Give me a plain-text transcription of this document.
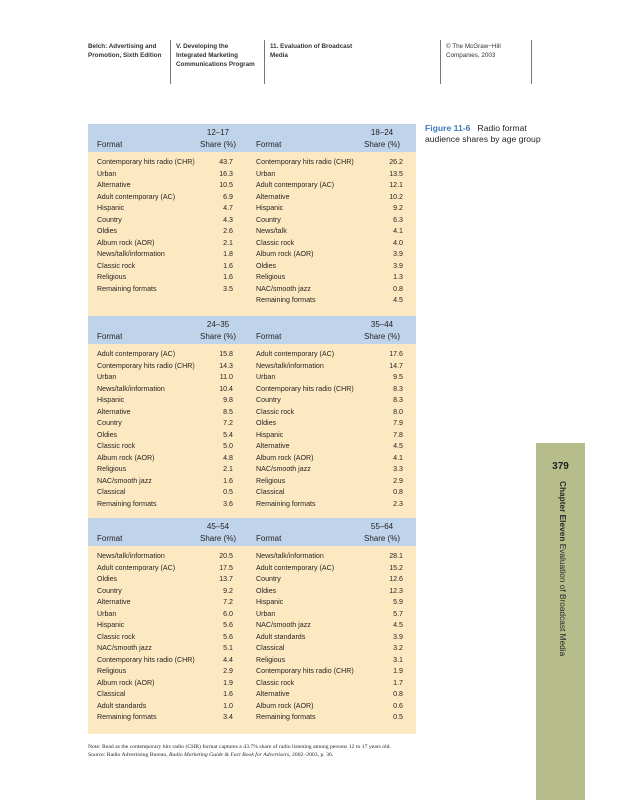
Belch: Advertising and
Promotion, Sixth Edition
V. Developing the
Integrated Marketing
Communications Program
11. Evaluation of Broadcast
Media
© The McGraw−Hill
Companies, 2003
Figure 11-6 Radio format audience shares by age group
Format
12–17
Share (%)
Contemporary hits radio (CHR)	43.7
Urban	16.3
Alternative	10.5
Adult contemporary (AC)	6.9
Hispanic	4.7
Country	4.3
Oldies	2.6
Album rock (AOR)	2.1
News/talk/information	1.8
Classic rock	1.6
Religious	1.6
Remaining formats	3.5
Format
18–24
Share (%)
Contemporary hits radio (CHR)	26.2
Urban	13.5
Adult contemporary (AC)	12.1
Alternative	10.2
Hispanic	9.2
Country	6.3
News/talk	4.1
Classic rock	4.0
Album rock (AOR)	3.9
Oldies	3.9
Religious	1.3
NAC/smooth jazz	0.8
Remaining formats	4.5
Format
24–35
Share (%)
Adult contemporary (AC)	15.8
Contemporary hits radio (CHR)	14.3
Urban	11.0
News/talk/information	10.4
Hispanic	9.8
Alternative	8.5
Country	7.2
Oldies	5.4
Classic rock	5.0
Album rock (AOR)	4.8
Religious	2.1
NAC/smooth jazz	1.6
Classical	0.5
Remaining formats	3.6
Format
35–44
Share (%)
Adult contemporary (AC)	17.6
News/talk/information	14.7
Urban	9.5
Contemporary hits radio (CHR)	8.3
Country	8.3
Classic rock	8.0
Oldies	7.9
Hispanic	7.8
Alternative	4.5
Album rock (AOR)	4.1
NAC/smooth jazz	3.3
Religious	2.9
Classical	0.8
Remaining formats	2.3
Format
45–54
Share (%)
News/talk/information	20.5
Adult contemporary (AC)	17.5
Oldies	13.7
Country	9.2
Alternative	7.2
Urban	6.0
Hispanic	5.6
Classic rock	5.6
NAC/smooth jazz	5.1
Contemporary hits radio (CHR)	4.4
Religious	2.9
Album rock (AOR)	1.9
Classical	1.6
Adult standards	1.0
Remaining formats	3.4
Format
55–64
Share (%)
News/talk/information	28.1
Adult contemporary (AC)	15.2
Country	12.6
Oldies	12.3
Hispanic	5.9
Urban	5.7
NAC/smooth jazz	4.5
Adult standards	3.9
Classical	3.2
Religious	3.1
Contemporary hits radio (CHR)	1.9
Classic rock	1.7
Alternative	0.8
Album rock (AOR)	0.6
Remaining formats	0.5
379
Chapter Eleven Evaluation of Broadcast Media
Note: Read as the contemporary hits radio (CHR) format captures a 43.7% share of radio listening among persons 12 to 17 years old.
Source: Radio Advertising Bureau, Radio Marketing Guide & Fact Book for Advertisers, 2002–2003, p. 36.
